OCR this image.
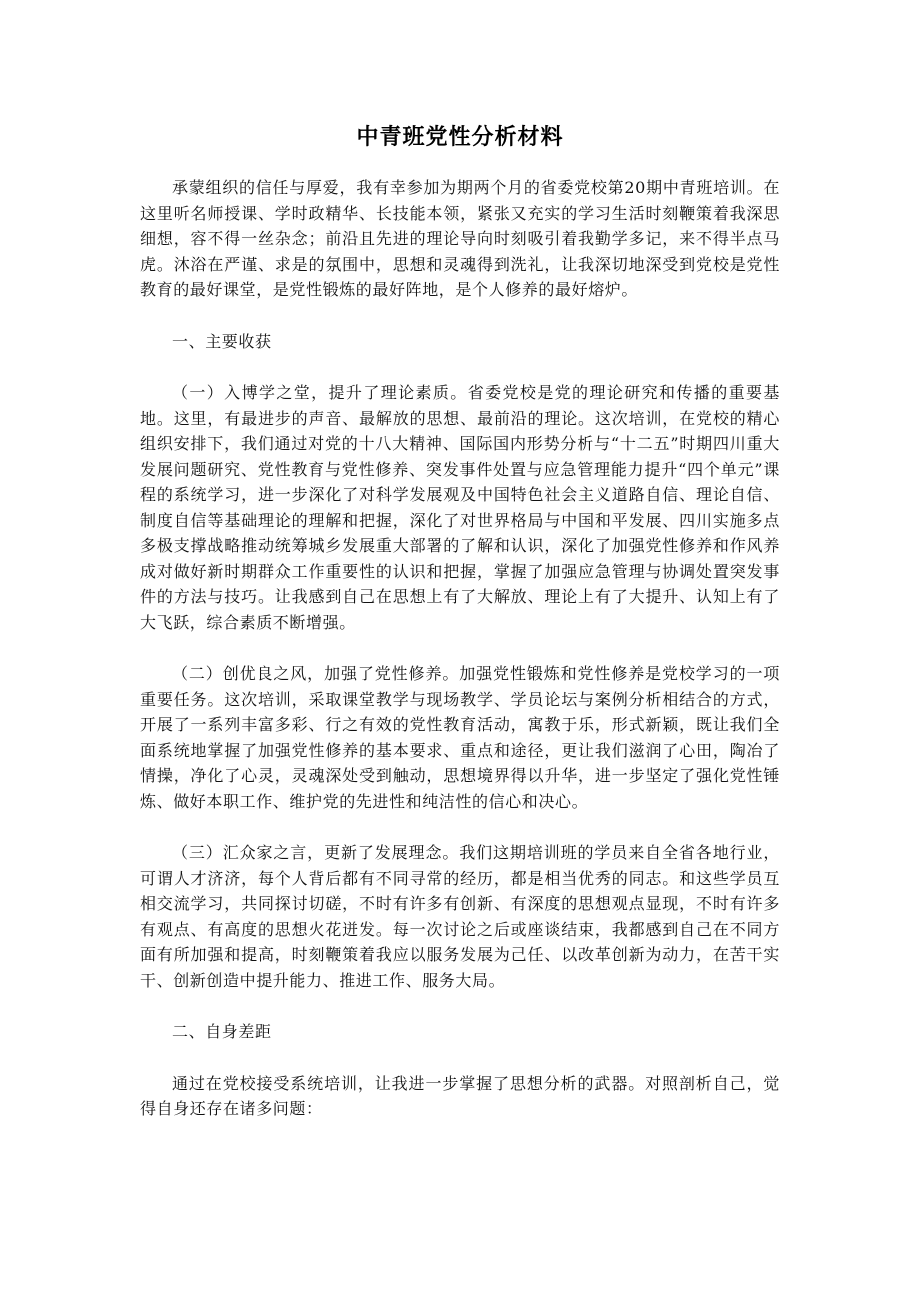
中青班党性分析材料

承蒙组织的信任与厚爱，我有幸参加为期两个月的省委党校第20期中青班培训。在这里听名师授课、学时政精华、长技能本领，紧张又充实的学习生活时刻鞭策着我深思细想，容不得一丝杂念；前沿且先进的理论导向时刻吸引着我勤学多记，来不得半点马虎。沐浴在严谨、求是的氛围中，思想和灵魂得到洗礼，让我深切地深受到党校是党性教育的最好课堂，是党性锻炼的最好阵地，是个人修养的最好熔炉。

一、主要收获

（一）入博学之堂，提升了理论素质。省委党校是党的理论研究和传播的重要基地。这里，有最进步的声音、最解放的思想、最前沿的理论。这次培训，在党校的精心组织安排下，我们通过对党的十八大精神、国际国内形势分析与“十二五”时期四川重大发展问题研究、党性教育与党性修养、突发事件处置与应急管理能力提升“四个单元”课程的系统学习，进一步深化了对科学发展观及中国特色社会主义道路自信、理论自信、制度自信等基础理论的理解和把握，深化了对世界格局与中国和平发展、四川实施多点多极支撑战略推动统筹城乡发展重大部署的了解和认识，深化了加强党性修养和作风养成对做好新时期群众工作重要性的认识和把握，掌握了加强应急管理与协调处置突发事件的方法与技巧。让我感到自己在思想上有了大解放、理论上有了大提升、认知上有了大飞跃，综合素质不断增强。

（二）创优良之风，加强了党性修养。加强党性锻炼和党性修养是党校学习的一项重要任务。这次培训，采取课堂教学与现场教学、学员论坛与案例分析相结合的方式，开展了一系列丰富多彩、行之有效的党性教育活动，寓教于乐，形式新颖，既让我们全面系统地掌握了加强党性修养的基本要求、重点和途径，更让我们滋润了心田，陶冶了情操，净化了心灵，灵魂深处受到触动，思想境界得以升华，进一步坚定了强化党性锤炼、做好本职工作、维护党的先进性和纯洁性的信心和决心。

（三）汇众家之言，更新了发展理念。我们这期培训班的学员来自全省各地行业，可谓人才济济，每个人背后都有不同寻常的经历，都是相当优秀的同志。和这些学员互相交流学习，共同探讨切磋，不时有许多有创新、有深度的思想观点显现，不时有许多有观点、有高度的思想火花迸发。每一次讨论之后或座谈结束，我都感到自己在不同方面有所加强和提高，时刻鞭策着我应以服务发展为己任、以改革创新为动力，在苦干实干、创新创造中提升能力、推进工作、服务大局。

二、自身差距

通过在党校接受系统培训，让我进一步掌握了思想分析的武器。对照剖析自己，觉得自身还存在诸多问题：
